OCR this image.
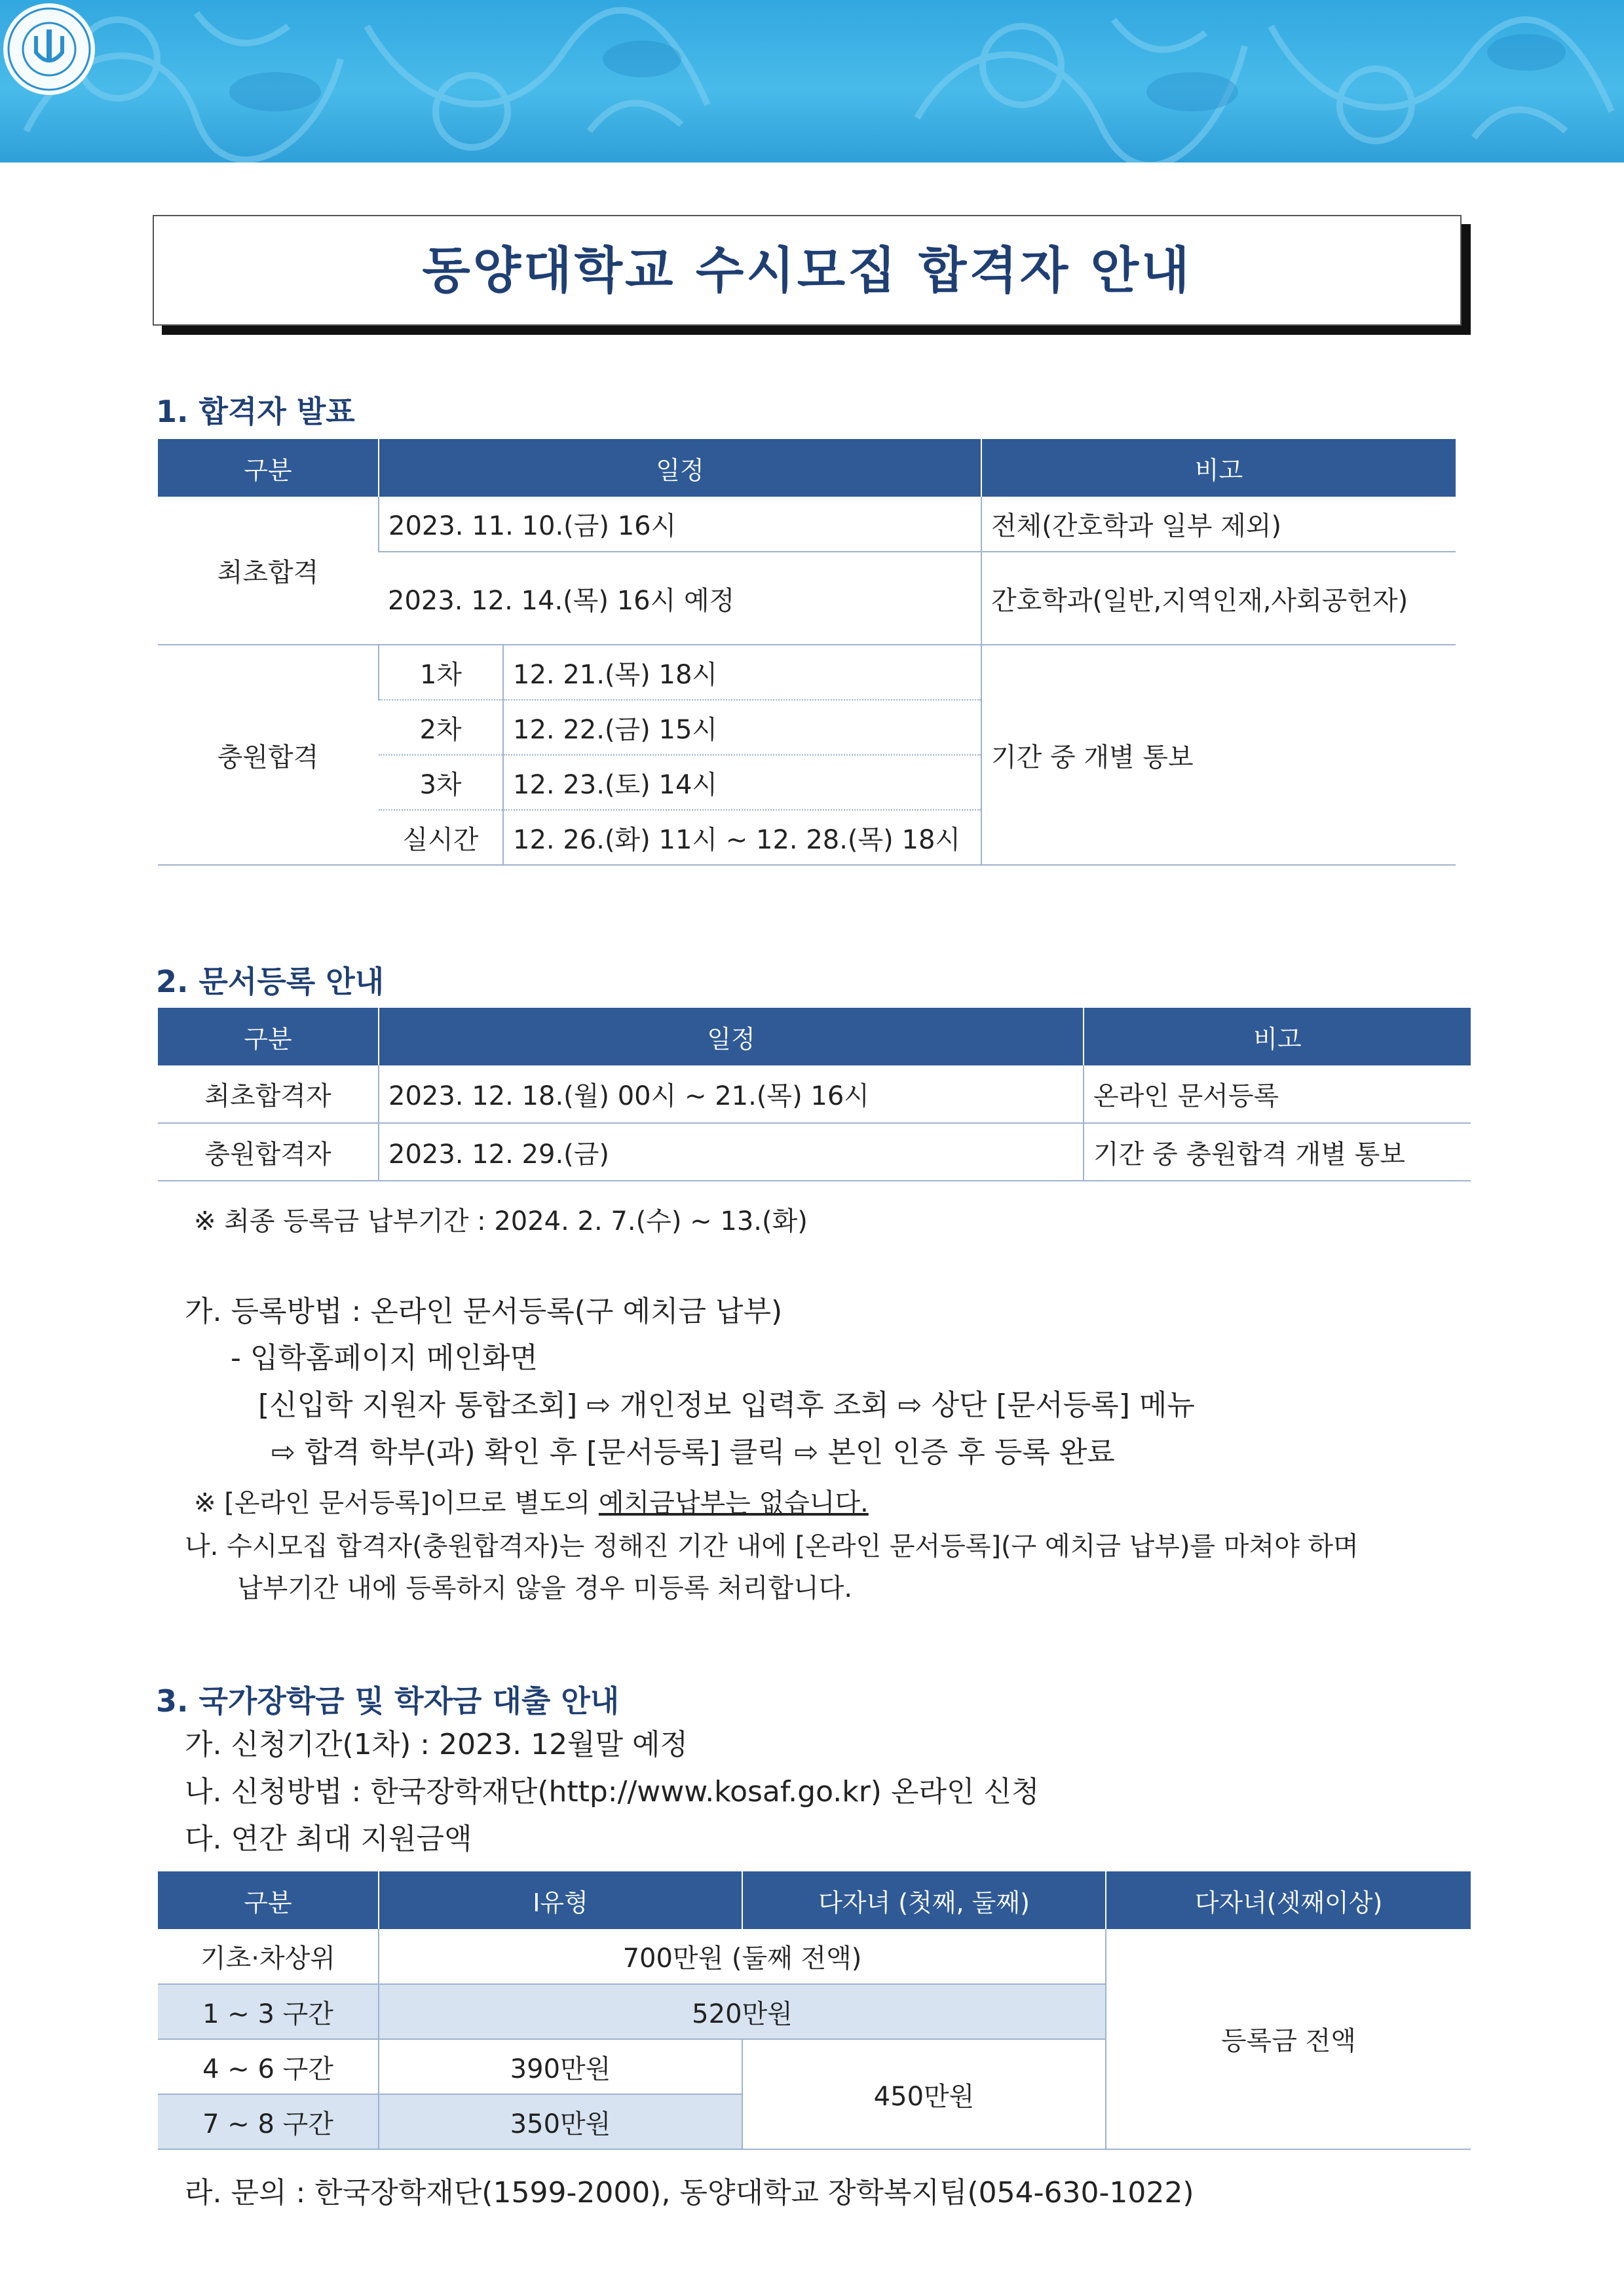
동양대학교 수시모집 합격자 안내
1. 합격자 발표
구분	일정		비고
최초합격	2023. 11. 10.(금) 16시		전체(간호학과 일부 제외)
	2023. 12. 14.(목) 16시 예정		간호학과(일반,지역인재,사회공헌자)
충원합격	1차	12. 21.(목) 18시	기간 중 개별 통보
	2차	12. 22.(금) 15시	
	3차	12. 23.(토) 14시	
	실시간	12. 26.(화) 11시 ~ 12. 28.(목) 18시	
2. 문서등록 안내
구분	일정	비고
최초합격자	2023. 12. 18.(월) 00시 ~ 21.(목) 16시	온라인 문서등록
충원합격자	2023. 12. 29.(금)	기간 중 충원합격 개별 통보

※ 최종 등록금 납부기간 : 2024. 2. 7.(수) ~ 13.(화)

가. 등록방법 : 온라인 문서등록(구 예치금 납부)

- 입학홈페이지 메인화면

[신입학 지원자 통합조회] ⇨ 개인정보 입력후 조회 ⇨ 상단 [문서등록] 메뉴

⇨ 합격 학부(과) 확인 후 [문서등록] 클릭 ⇨ 본인 인증 후 등록 완료

※ [온라인 문서등록]이므로 별도의 예치금납부는 없습니다.

나. 수시모집 합격자(충원합격자)는 정해진 기간 내에 [온라인 문서등록](구 예치금 납부)를 마쳐야 하며

납부기간 내에 등록하지 않을 경우 미등록 처리합니다.

3. 국가장학금 및 학자금 대출 안내

가. 신청기간(1차) : 2023. 12월말 예정

나. 신청방법 : 한국장학재단(http://www.kosaf.go.kr) 온라인 신청

다. 연간 최대 지원금액

구분	Ⅰ유형	다자녀 (첫째, 둘째)	다자녀(셋째이상)
기초·차상위	700만원 (둘째 전액)		등록금 전액
1 ~ 3 구간	520만원		
4 ~ 6 구간	390만원	450만원	
7 ~ 8 구간	350만원		

라. 문의 : 한국장학재단(1599-2000), 동양대학교 장학복지팀(054-630-1022)
